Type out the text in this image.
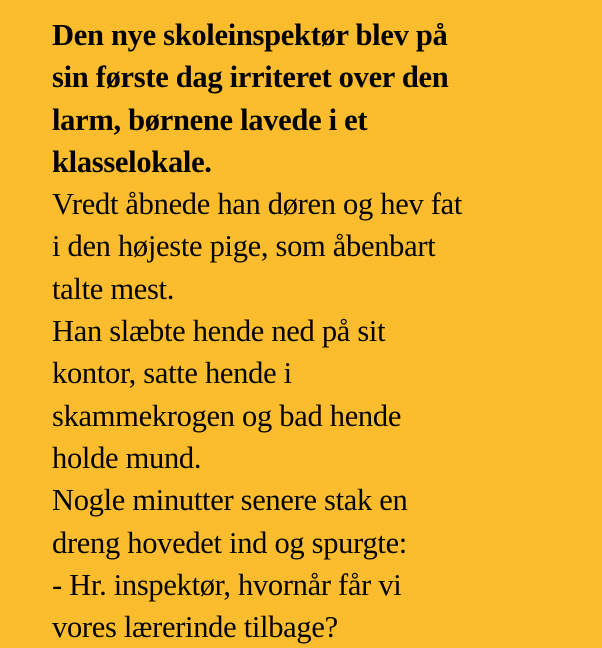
Den nye skoleinspektør blev på
sin første dag irriteret over den
larm, børnene lavede i et
klasselokale.
Vredt åbnede han døren og hev fat
i den højeste pige, som åbenbart
talte mest.
Han slæbte hende ned på sit
kontor, satte hende i
skammekrogen og bad hende
holde mund.
Nogle minutter senere stak en
dreng hovedet ind og spurgte:
- Hr. inspektør, hvornår får vi
vores lærerinde tilbage?
